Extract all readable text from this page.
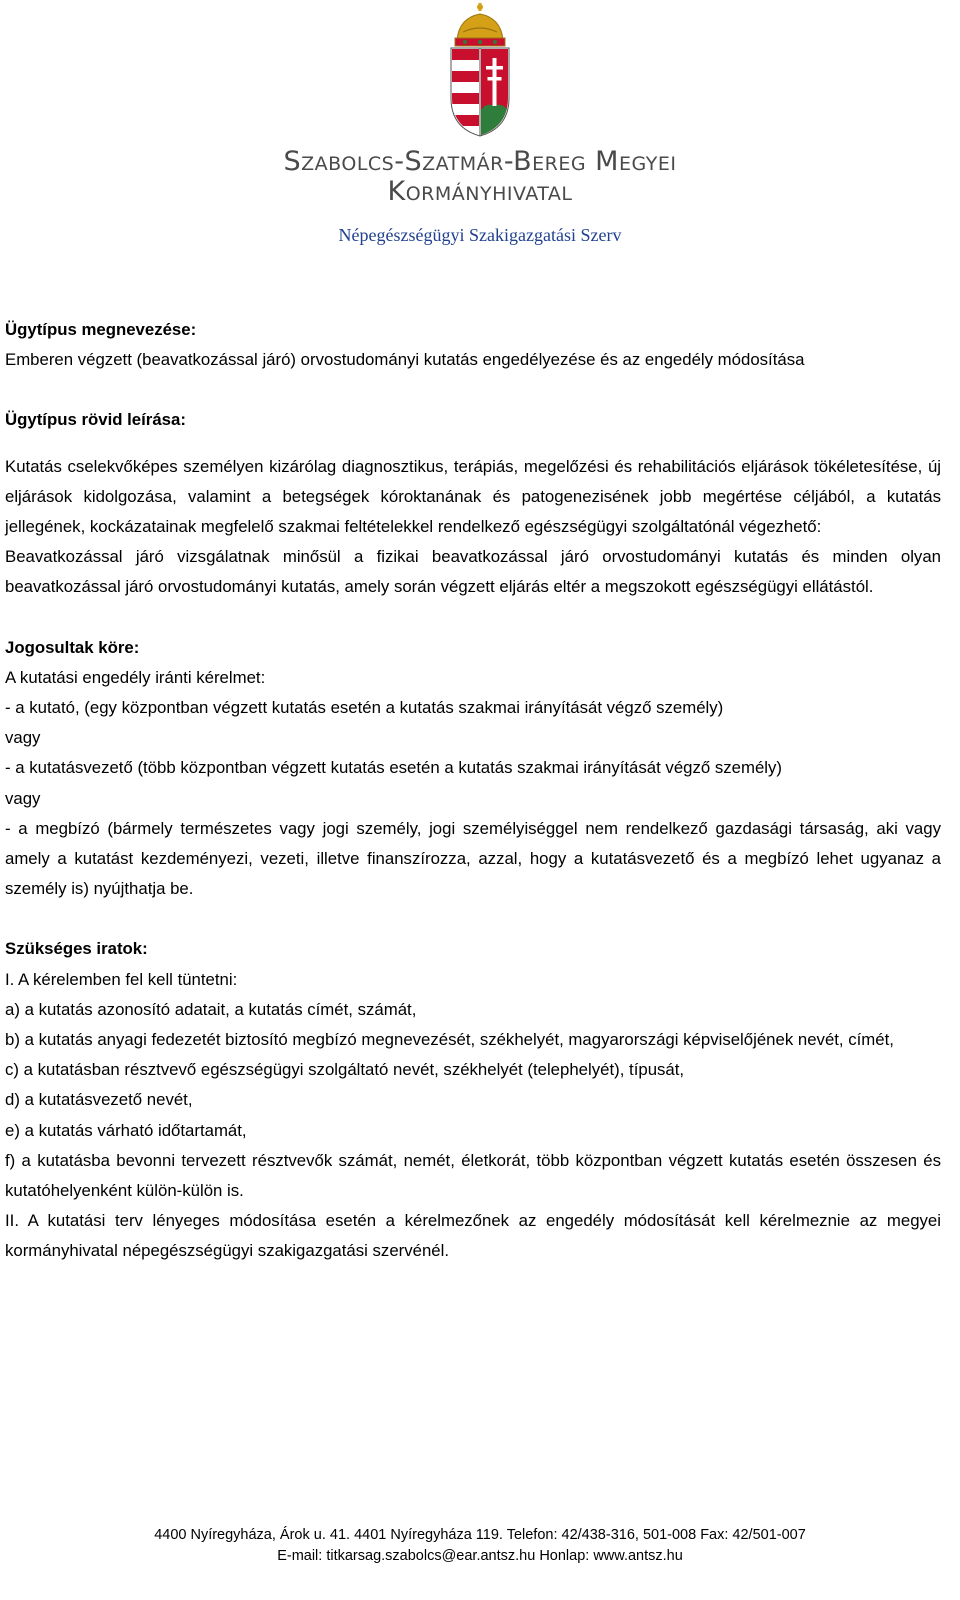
Szabolcs-Szatmár-Bereg Megyei
Kormányhivatal
Népegészségügyi Szakigazgatási Szerv

Ügytípus megnevezése:

Emberen végzett (beavatkozással járó) orvostudományi kutatás engedélyezése és az engedély módosítása

Ügytípus rövid leírása:

Kutatás cselekvőképes személyen kizárólag diagnosztikus, terápiás, megelőzési és rehabilitációs eljárások tökéletesítése, új eljárások kidolgozása, valamint a betegségek kóroktanának és patogenezisének jobb megértése céljából, a kutatás jellegének, kockázatainak megfelelő szakmai feltételekkel rendelkező egészségügyi szolgáltatónál végezhető:

Beavatkozással járó vizsgálatnak minősül a fizikai beavatkozással járó orvostudományi kutatás és minden olyan beavatkozással járó orvostudományi kutatás, amely során végzett eljárás eltér a megszokott egészségügyi ellátástól.

Jogosultak köre:

A kutatási engedély iránti kérelmet:

- a kutató, (egy központban végzett kutatás esetén a kutatás szakmai irányítását végző személy)

vagy

- a kutatásvezető (több központban végzett kutatás esetén a kutatás szakmai irányítását végző személy)

vagy

- a megbízó (bármely természetes vagy jogi személy, jogi személyiséggel nem rendelkező gazdasági társaság, aki vagy amely a kutatást kezdeményezi, vezeti, illetve finanszírozza, azzal, hogy a kutatásvezető és a megbízó lehet ugyanaz a személy is) nyújthatja be.

Szükséges iratok:

I. A kérelemben fel kell tüntetni:

a) a kutatás azonosító adatait, a kutatás címét, számát,

b) a kutatás anyagi fedezetét biztosító megbízó megnevezését, székhelyét, magyarországi képviselőjének nevét, címét,

c) a kutatásban résztvevő egészségügyi szolgáltató nevét, székhelyét (telephelyét), típusát,

d) a kutatásvezető nevét,

e) a kutatás várható időtartamát,

f) a kutatásba bevonni tervezett résztvevők számát, nemét, életkorát, több központban végzett kutatás esetén összesen és kutatóhelyenként külön-külön is.

II. A kutatási terv lényeges módosítása esetén a kérelmezőnek az engedély módosítását kell kérelmeznie az megyei kormányhivatal népegészségügyi szakigazgatási szervénél.

4400 Nyíregyháza, Árok u. 41. 4401 Nyíregyháza 119. Telefon: 42/438-316, 501-008 Fax: 42/501-007
E-mail: titkarsag.szabolcs@ear.antsz.hu Honlap: www.antsz.hu
